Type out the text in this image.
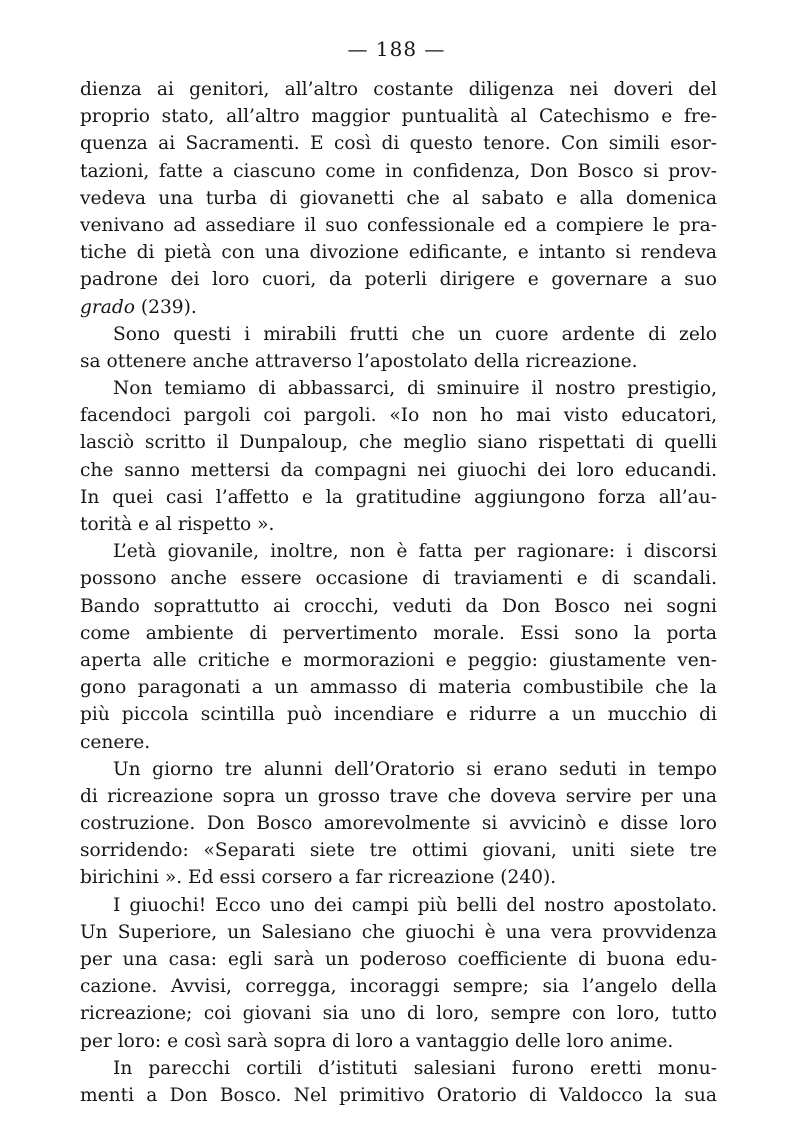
— 188 —
dienza ai genitori, all’altro costante diligenza nei doveri del
proprio stato, all’altro maggior puntualità al Catechismo e fre-
quenza ai Sacramenti. E così di questo tenore. Con simili esor-
tazioni, fatte a ciascuno come in confidenza, Don Bosco si prov-
vedeva una turba di giovanetti che al sabato e alla domenica
venivano ad assediare il suo confessionale ed a compiere le pra-
tiche di pietà con una divozione edificante, e intanto si rendeva
padrone dei loro cuori, da poterli dirigere e governare a suo
grado (239).
Sono questi i mirabili frutti che un cuore ardente di zelo
sa ottenere anche attraverso l’apostolato della ricreazione.
Non temiamo di abbassarci, di sminuire il nostro prestigio,
facendoci pargoli coi pargoli. «Io non ho mai visto educatori,
lasciò scritto il Dunpaloup, che meglio siano rispettati di quelli
che sanno mettersi da compagni nei giuochi dei loro educandi.
In quei casi l’affetto e la gratitudine aggiungono forza all’au-
torità e al rispetto ».
L’età giovanile, inoltre, non è fatta per ragionare: i discorsi
possono anche essere occasione di traviamenti e di scandali.
Bando soprattutto ai crocchi, veduti da Don Bosco nei sogni
come ambiente di pervertimento morale. Essi sono la porta
aperta alle critiche e mormorazioni e peggio: giustamente ven-
gono paragonati a un ammasso di materia combustibile che la
più piccola scintilla può incendiare e ridurre a un mucchio di
cenere.
Un giorno tre alunni dell’Oratorio si erano seduti in tempo
di ricreazione sopra un grosso trave che doveva servire per una
costruzione. Don Bosco amorevolmente si avvicinò e disse loro
sorridendo: «Separati siete tre ottimi giovani, uniti siete tre
birichini ». Ed essi corsero a far ricreazione (240).
I giuochi! Ecco uno dei campi più belli del nostro apostolato.
Un Superiore, un Salesiano che giuochi è una vera provvidenza
per una casa: egli sarà un poderoso coefficiente di buona edu-
cazione. Avvisi, corregga, incoraggi sempre; sia l’angelo della
ricreazione; coi giovani sia uno di loro, sempre con loro, tutto
per loro: e così sarà sopra di loro a vantaggio delle loro anime.
In parecchi cortili d’istituti salesiani furono eretti monu-
menti a Don Bosco. Nel primitivo Oratorio di Valdocco la sua
